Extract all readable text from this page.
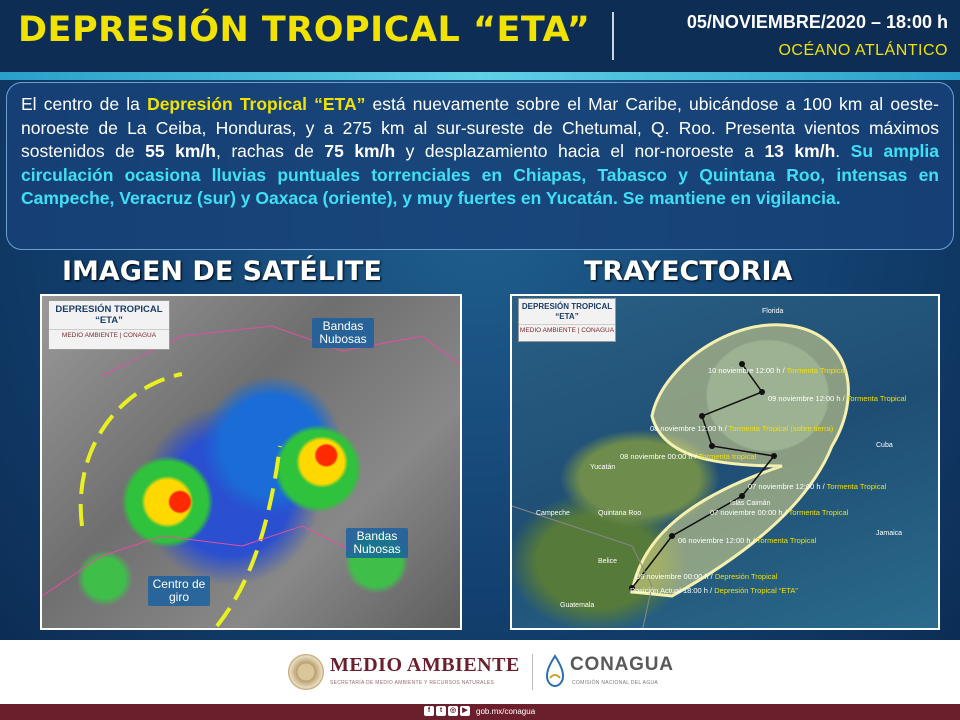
DEPRESIÓN TROPICAL “ETA”	05/NOVIEMBRE/2020 – 18:00 h
OCÉANO ATLÁNTICO
El centro de la Depresión Tropical “ETA” está nuevamente sobre el Mar Caribe, ubicándose a 100 km al oeste-noroeste de La Ceiba, Honduras, y a 275 km al sur-sureste de Chetumal, Q. Roo. Presenta vientos máximos sostenidos de 55 km/h, rachas de 75 km/h y desplazamiento hacia el nor-noroeste a 13 km/h. Su amplia circulación ocasiona lluvias puntuales torrenciales en Chiapas, Tabasco y Quintana Roo, intensas en Campeche, Veracruz (sur) y Oaxaca (oriente), y muy fuertes en Yucatán. Se mantiene en vigilancia.
IMAGEN DE SATÉLITE	TRAYECTORIA
DEPRESIÓN TROPICAL
“ETA”
MEDIO AMBIENTE | CONAGUA
Bandas Nubosas
Bandas Nubosas
Centro de giro
DEPRESIÓN TROPICAL
“ETA”
MEDIO AMBIENTE | CONAGUA
Florida
Yucatán
Campeche	Quintana Roo
Belice
Guatemala
Cuba
Jamaica
Islas Caimán
10 noviembre 12:00 h / Tormenta Tropical
09 noviembre 12:00 h / Tormenta Tropical
08 noviembre 12:00 h / Tormenta Tropical (sobre tierra)
08 noviembre 00:00 h / Tormenta tropical
07 noviembre 12:00 h / Tormenta Tropical
07 noviembre 00:00 h / Tormenta Tropical
06 noviembre 12:00 h / Tormenta Tropical
06 noviembre 00:00 h / Depresión Tropical
Posición Actual 18:00 h / Depresión Tropical “ETA”
MEDIO AMBIENTE
SECRETARÍA DE MEDIO AMBIENTE Y RECURSOS NATURALES
CONAGUA
COMISIÓN NACIONAL DEL AGUA
f t ◎ ▶ gob.mx/conagua
